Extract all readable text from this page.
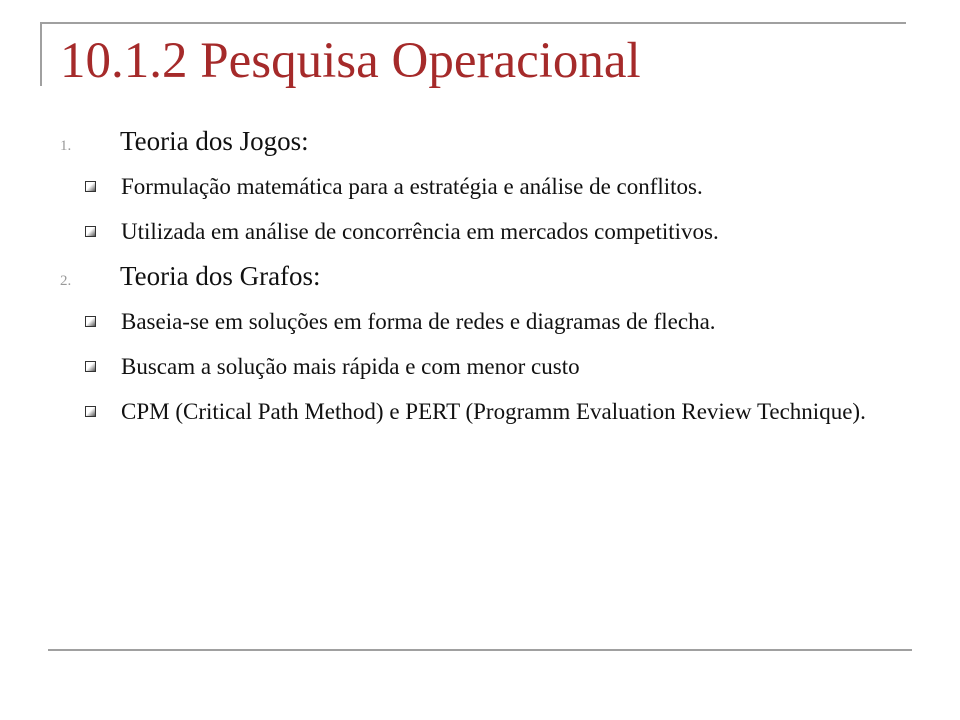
10.1.2 Pesquisa Operacional
1.	Teoria dos Jogos:
Formulação matemática para a estratégia e análise de conflitos.
Utilizada em análise de concorrência em mercados competitivos.
2.	Teoria dos Grafos:
Baseia-se em soluções em forma de redes e diagramas de flecha.
Buscam a solução mais rápida e com menor custo
CPM (Critical Path Method) e PERT (Programm Evaluation Review Technique).
